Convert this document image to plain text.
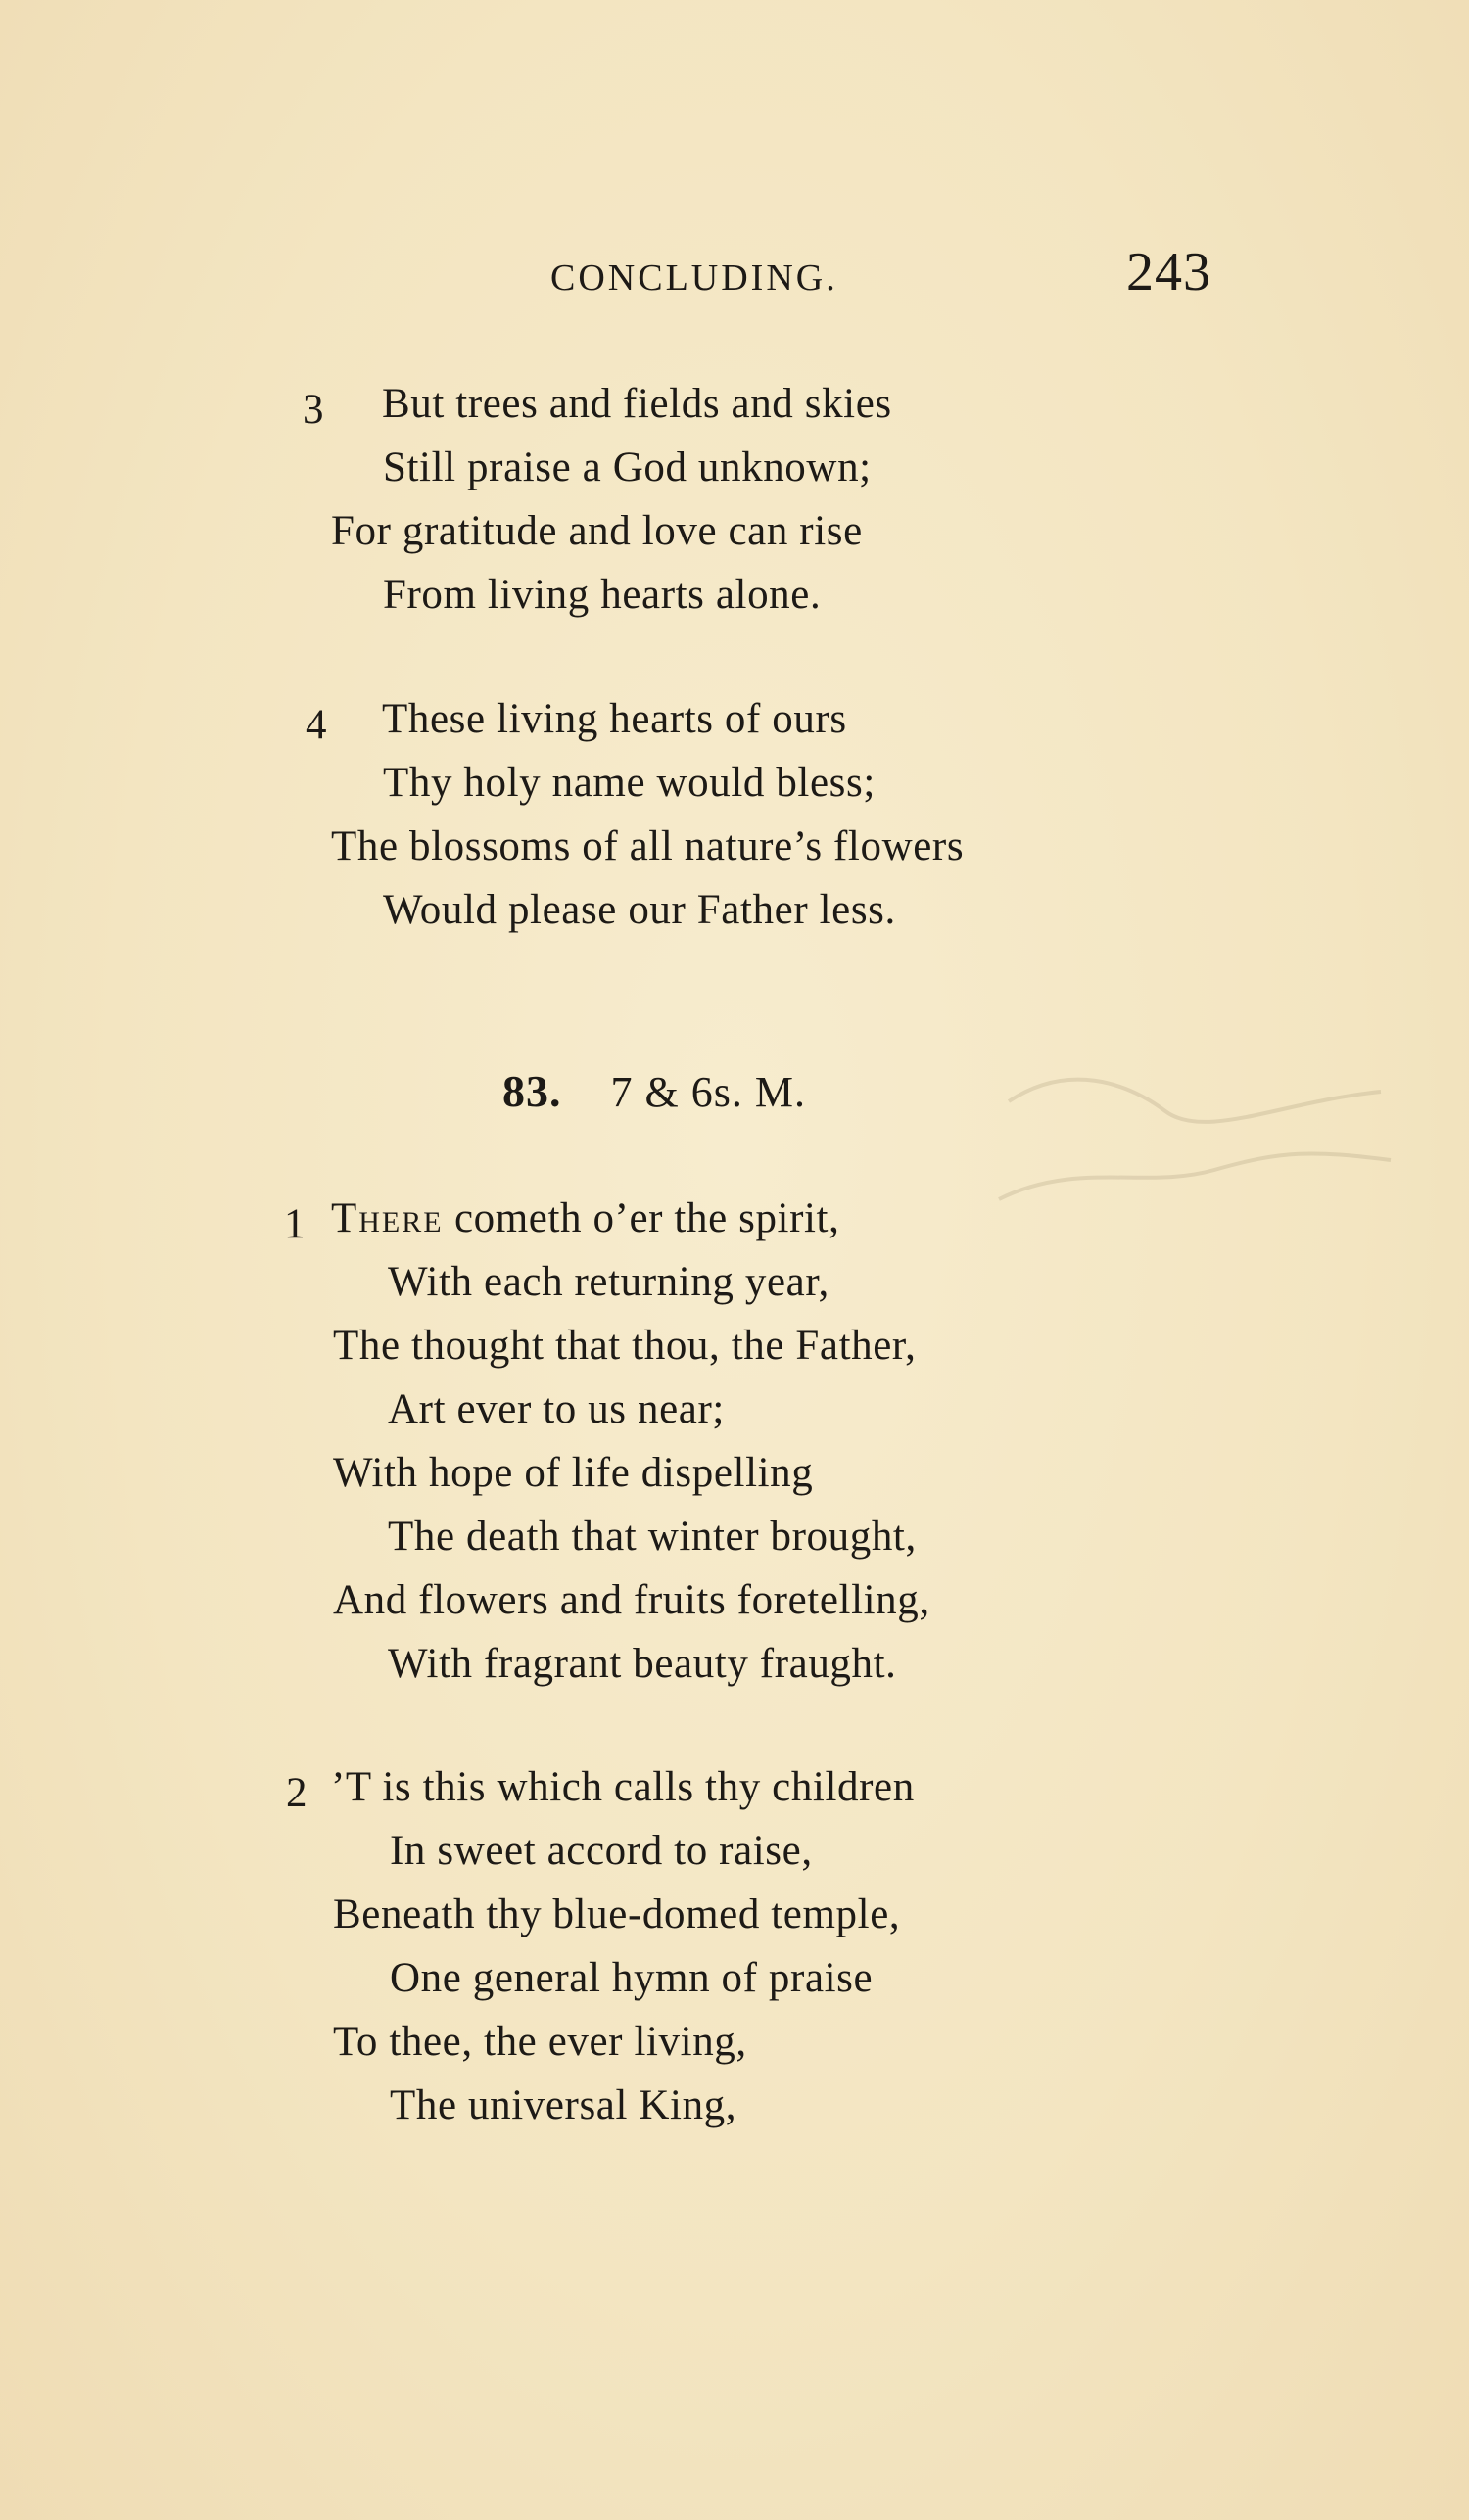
CONCLUDING.	243
3 But trees and fields and skies
Still praise a God unknown;
For gratitude and love can rise
From living hearts alone.
4 These living hearts of ours
Thy holy name would bless;
The blossoms of all nature’s flowers
Would please our Father less.
83. 7 & 6s. M.
1 There cometh o’er the spirit,
With each returning year,
The thought that thou, the Father,
Art ever to us near;
With hope of life dispelling
The death that winter brought,
And flowers and fruits foretelling,
With fragrant beauty fraught.
2 ’T is this which calls thy children
In sweet accord to raise,
Beneath thy blue-domed temple,
One general hymn of praise
To thee, the ever living,
The universal King,
